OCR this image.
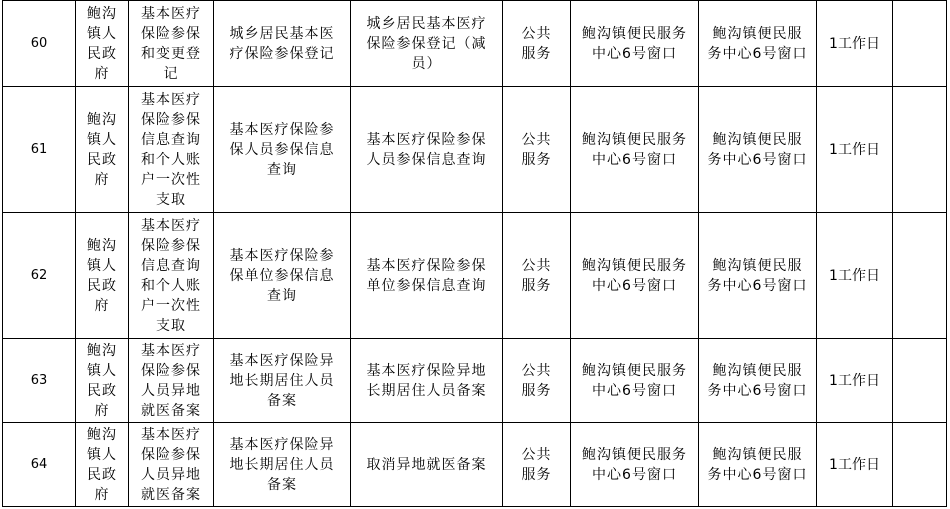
60	鲍沟镇人民政府	基本医疗保险参保和变更登记	城乡居民基本医疗保险参保登记	城乡居民基本医疗保险参保登记（减员）	公共服务	鲍沟镇便民服务中心6号窗口	鲍沟镇便民服务中心6号窗口	1工作日	
61	鲍沟镇人民政府	基本医疗保险参保信息查询和个人账户一次性支取	基本医疗保险参保人员参保信息查询	基本医疗保险参保人员参保信息查询	公共服务	鲍沟镇便民服务中心6号窗口	鲍沟镇便民服务中心6号窗口	1工作日	
62	鲍沟镇人民政府	基本医疗保险参保信息查询和个人账户一次性支取	基本医疗保险参保单位参保信息查询	基本医疗保险参保单位参保信息查询	公共服务	鲍沟镇便民服务中心6号窗口	鲍沟镇便民服务中心6号窗口	1工作日	
63	鲍沟镇人民政府	基本医疗保险参保人员异地就医备案	基本医疗保险异地长期居住人员备案	基本医疗保险异地长期居住人员备案	公共服务	鲍沟镇便民服务中心6号窗口	鲍沟镇便民服务中心6号窗口	1工作日	
64	鲍沟镇人民政府	基本医疗保险参保人员异地就医备案	基本医疗保险异地长期居住人员备案	取消异地就医备案	公共服务	鲍沟镇便民服务中心6号窗口	鲍沟镇便民服务中心6号窗口	1工作日	
